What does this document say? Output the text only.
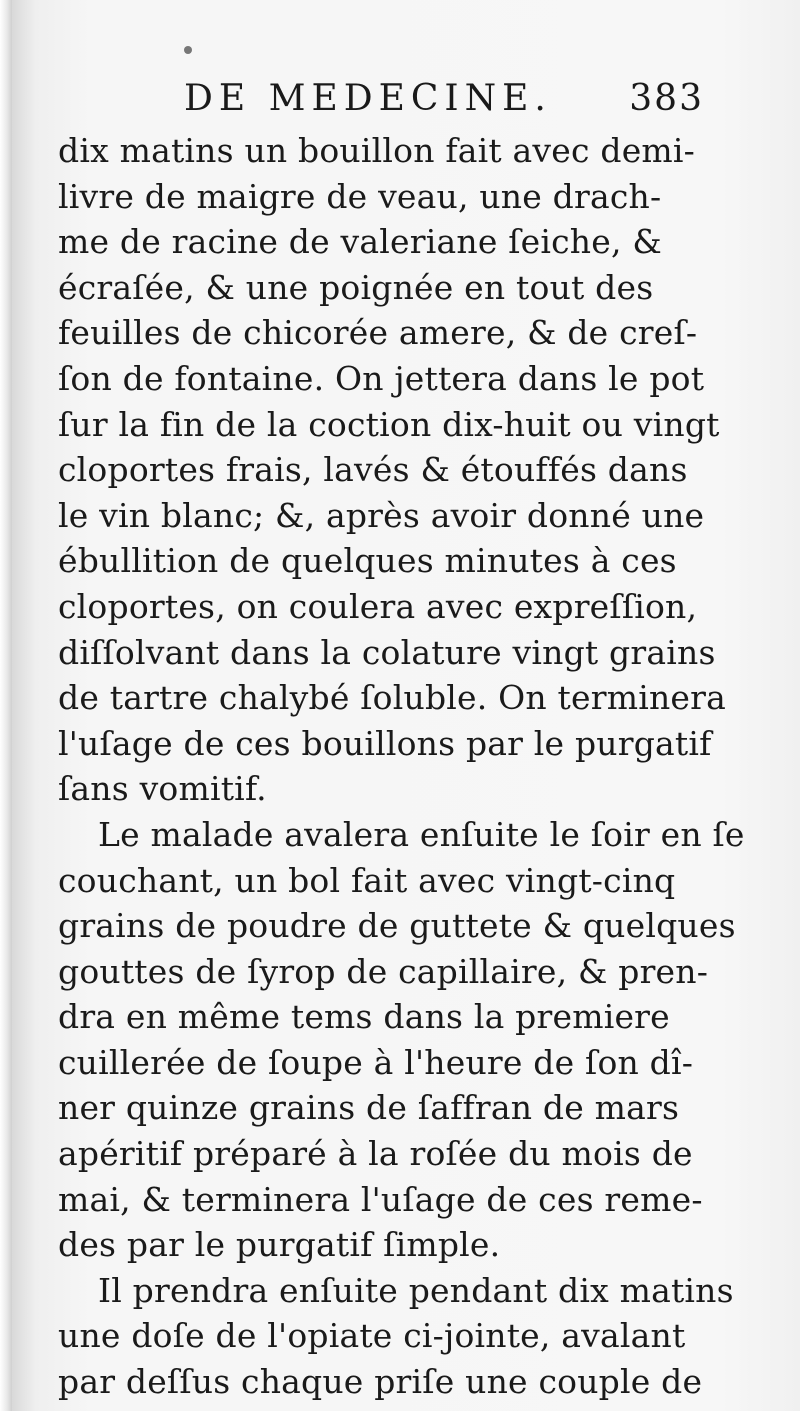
DE MEDECINE. 383
dix matins un bouillon fait avec demi-
livre de maigre de veau, une drach-
me de racine de valeriane ſeiche, &
écraſée, & une poignée en tout des
feuilles de chicorée amere, & de creſ-
ſon de fontaine. On jettera dans le pot
ſur la fin de la coction dix-huit ou vingt
cloportes frais, lavés & étouffés dans
le vin blanc; &, après avoir donné une
ébullition de quelques minutes à ces
cloportes, on coulera avec expreſſion,
diſſolvant dans la colature vingt grains
de tartre chalybé ſoluble. On terminera
l'uſage de ces bouillons par le purgatif
ſans vomitif.
Le malade avalera enſuite le ſoir en ſe
couchant, un bol fait avec vingt-cinq
grains de poudre de guttete & quelques
gouttes de ſyrop de capillaire, & pren-
dra en même tems dans la premiere
cuillerée de ſoupe à l'heure de ſon dî-
ner quinze grains de ſaffran de mars
apéritif préparé à la roſée du mois de
mai, & terminera l'uſage de ces reme-
des par le purgatif ſimple.
Il prendra enſuite pendant dix matins
une doſe de l'opiate ci-jointe, avalant
par deſſus chaque priſe une couple de
